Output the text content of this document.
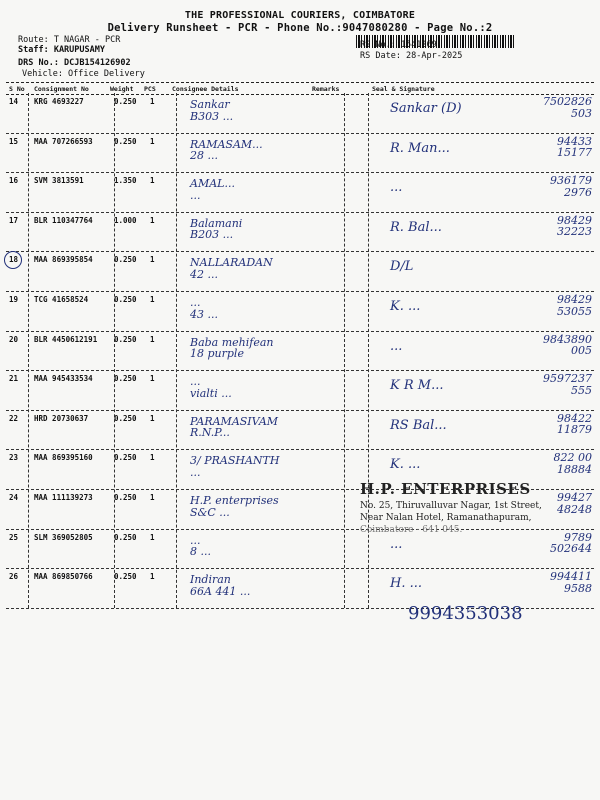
THE PROFESSIONAL COURIERS, COIMBATORE
Delivery Runsheet - PCR - Phone No.:9047080280 - Page No.:2
Route: T NAGAR - PCR
Staff: KARUPUSAMY
DRS No.: DCJB154126902
Vehicle: Office Delivery
RS No.: 1541269
RS Date: 28-Apr-2025
S No Consignment No	Weight PCS	Consignee Details	Remarks	Seal & Signature
14 KRG 4693227	0.250 1	Sankar
B303 ...
Sankar (D)	7502826
503
15 MAA 707266593	0.250 1	RAMASAM...
28 ...
R. Man...	94433
15177
16 SVM 3813591	1.350 1	AMAL...
...
...	936179
2976
17 BLR 110347764	1.000 1	Balamani
B203 ...
R. Bal...	98429
32223
18 MAA 869395854	0.250 1	NALLARADAN
42 ...
D/L
19 TCG 41658524	0.250 1	...
43 ...
K. ...	98429
53055
20 BLR 4450612191 0.250 1	Baba mehifean
18 purple
...	9843890
005
21 MAA 945433534	0.250 1	...
vialti ...
K R M...	9597237
555
22 HRD 20730637	0.250 1	PARAMASIVAM
R.N.P...
RS Bal...	98422
11879
23 MAA 869395160	0.250 1	3/ PRASHANTH
...
K. ...	822 00
18884
24 MAA 111139273	0.250 1	H.P. enterprises
S&C ...
99427
48248
25 SLM 369052805	0.250 1	...
8 ...
...	9789
502644
26 MAA 869850766	0.250 1	Indiran
66A 441 ...
H. ...	994411
9588
H.P. ENTERPRISES
No. 25, Thiruvalluvar Nagar, 1st Street,
Near Nalan Hotel, Ramanathapuram,
Coimbatore - 641 045.
9994353038
